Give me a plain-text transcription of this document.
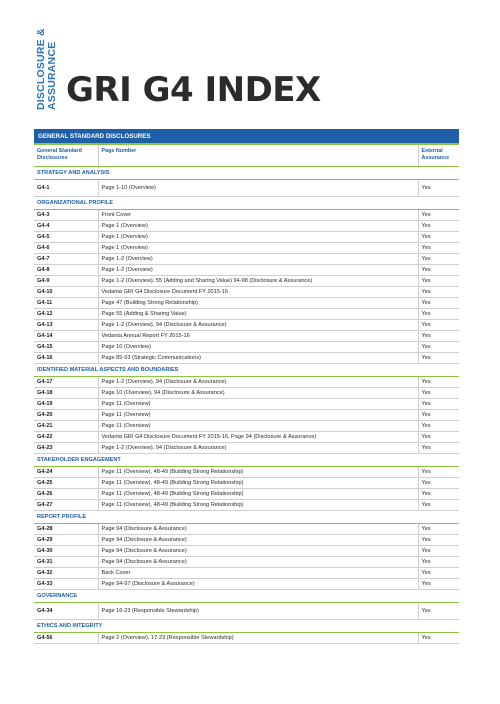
DISCLOSURE & ASSURANCE GRI G4 INDEX
GENERAL STANDARD DISCLOSURES		
General Standard Disclosures	Page Number	External Assurance
STRATEGY AND ANALYSIS		
G4-1	Page 1-10 (Overview)	Yes
ORGANIZATIONAL PROFILE		
G4-3	Front Cover	Yes
G4-4	Page 1 (Overview)	Yes
G4-5	Page 1 (Overview)	Yes
G4-6	Page 1 (Overview)	Yes
G4-7	Page 1-2 (Overview)	Yes
G4-8	Page 1-2 (Overview)	Yes
G4-9	Page 1-2 (Overview), 55 (Adding and Sharing Value) 94-98 (Disclosure & Assurance)	Yes
G4-10	Vedanta GRI G4 Disclosure Document FY 2015-16	Yes
G4-11	Page 47 (Building Strong Relationship)	Yes
G4-12	Page 55 (Adding & Sharing Value)	Yes
G4-13	Page 1-2 (Overview), 94 (Disclosure & Assurance)	Yes
G4-14	Vedanta Annual Report FY 2015-16	Yes
G4-15	Page 10 (Overview)	Yes
G4-16	Page 85-93 (Strategic Communications)	Yes
IDENTIFIED MATERIAL ASPECTS AND BOUNDARIES		
G4-17	Page 1-2 (Overview), 94 (Disclosure & Assurance)	Yes
G4-18	Page 10 (Overview), 94 (Disclosure & Assurance)	Yes
G4-19	Page 11 (Overview)	Yes
G4-20	Page 11 (Overview)	Yes
G4-21	Page 11 (Overview)	Yes
G4-22	Vedanta GRI G4 Disclosure Document FY 2015-16, Page 94 (Disclosure & Assurance)	Yes
G4-23	Page 1-2 (Overview), 94 (Disclosure & Assurance)	Yes
STAKEHOLDER ENGAGEMENT		
G4-24	Page 11 (Overview), 48-49 (Building Strong Relationship)	Yes
G4-25	Page 11 (Overview), 48-49 (Building Strong Relationship)	Yes
G4-26	Page 11 (Overview), 48-49 (Building Strong Relationship)	Yes
G4-27	Page 11 (Overview), 48-49 (Building Strong Relationship)	Yes
REPORT PROFILE		
G4-28	Page 94 (Disclosure & Assurance)	Yes
G4-29	Page 94 (Disclosure & Assurance)	Yes
G4-30	Page 94 (Disclosure & Assurance)	Yes
G4-31	Page 94 (Disclosure & Assurance)	Yes
G4-32	Back Cover	Yes
G4-33	Page 94-97 (Disclosure & Assurance)	Yes
GOVERNANCE		
G4-34	Page 16-23 (Responsible Stewardship)	Yes
ETHICS AND INTEGRITY		
G4-56	Page 2 (Overview), 17-23 (Responsible Stewardship)	Yes
